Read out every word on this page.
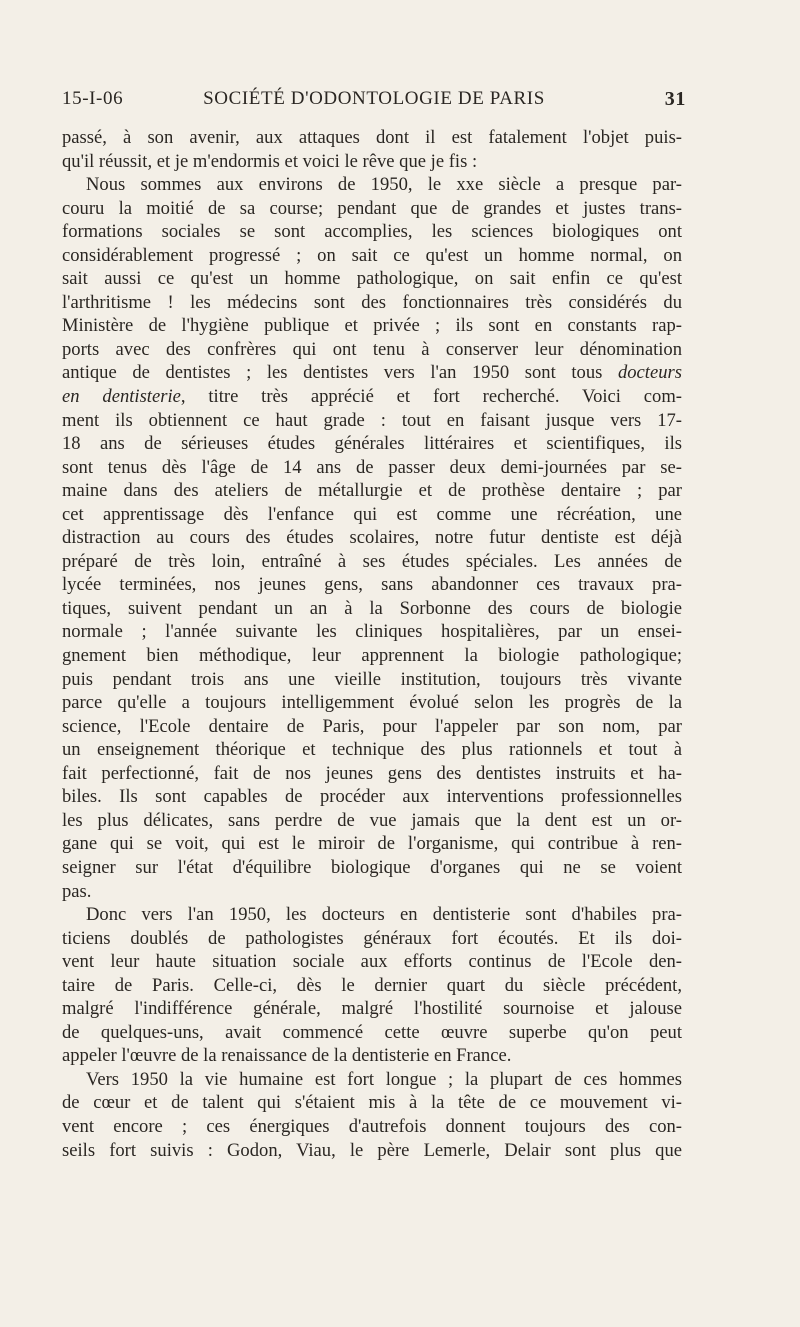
15-I-06	SOCIÉTÉ D'ODONTOLOGIE DE PARIS	31
passé, à son avenir, aux attaques dont il est fatalement l'objet puis-
qu'il réussit, et je m'endormis et voici le rêve que je fis :
Nous sommes aux environs de 1950, le xxe siècle a presque par-
couru la moitié de sa course; pendant que de grandes et justes trans-
formations sociales se sont accomplies, les sciences biologiques ont
considérablement progressé ; on sait ce qu'est un homme normal, on
sait aussi ce qu'est un homme pathologique, on sait enfin ce qu'est
l'arthritisme ! les médecins sont des fonctionnaires très considérés du
Ministère de l'hygiène publique et privée ; ils sont en constants rap-
ports avec des confrères qui ont tenu à conserver leur dénomination
antique de dentistes ; les dentistes vers l'an 1950 sont tous docteurs
en dentisterie, titre très apprécié et fort recherché. Voici com-
ment ils obtiennent ce haut grade : tout en faisant jusque vers 17-
18 ans de sérieuses études générales littéraires et scientifiques, ils
sont tenus dès l'âge de 14 ans de passer deux demi-journées par se-
maine dans des ateliers de métallurgie et de prothèse dentaire ; par
cet apprentissage dès l'enfance qui est comme une récréation, une
distraction au cours des études scolaires, notre futur dentiste est déjà
préparé de très loin, entraîné à ses études spéciales. Les années de
lycée terminées, nos jeunes gens, sans abandonner ces travaux pra-
tiques, suivent pendant un an à la Sorbonne des cours de biologie
normale ; l'année suivante les cliniques hospitalières, par un ensei-
gnement bien méthodique, leur apprennent la biologie pathologique;
puis pendant trois ans une vieille institution, toujours très vivante
parce qu'elle a toujours intelligemment évolué selon les progrès de la
science, l'Ecole dentaire de Paris, pour l'appeler par son nom, par
un enseignement théorique et technique des plus rationnels et tout à
fait perfectionné, fait de nos jeunes gens des dentistes instruits et ha-
biles. Ils sont capables de procéder aux interventions professionnelles
les plus délicates, sans perdre de vue jamais que la dent est un or-
gane qui se voit, qui est le miroir de l'organisme, qui contribue à ren-
seigner sur l'état d'équilibre biologique d'organes qui ne se voient
pas.
Donc vers l'an 1950, les docteurs en dentisterie sont d'habiles pra-
ticiens doublés de pathologistes généraux fort écoutés. Et ils doi-
vent leur haute situation sociale aux efforts continus de l'Ecole den-
taire de Paris. Celle-ci, dès le dernier quart du siècle précédent,
malgré l'indifférence générale, malgré l'hostilité sournoise et jalouse
de quelques-uns, avait commencé cette œuvre superbe qu'on peut
appeler l'œuvre de la renaissance de la dentisterie en France.
Vers 1950 la vie humaine est fort longue ; la plupart de ces hommes
de cœur et de talent qui s'étaient mis à la tête de ce mouvement vi-
vent encore ; ces énergiques d'autrefois donnent toujours des con-
seils fort suivis : Godon, Viau, le père Lemerle, Delair sont plus que
